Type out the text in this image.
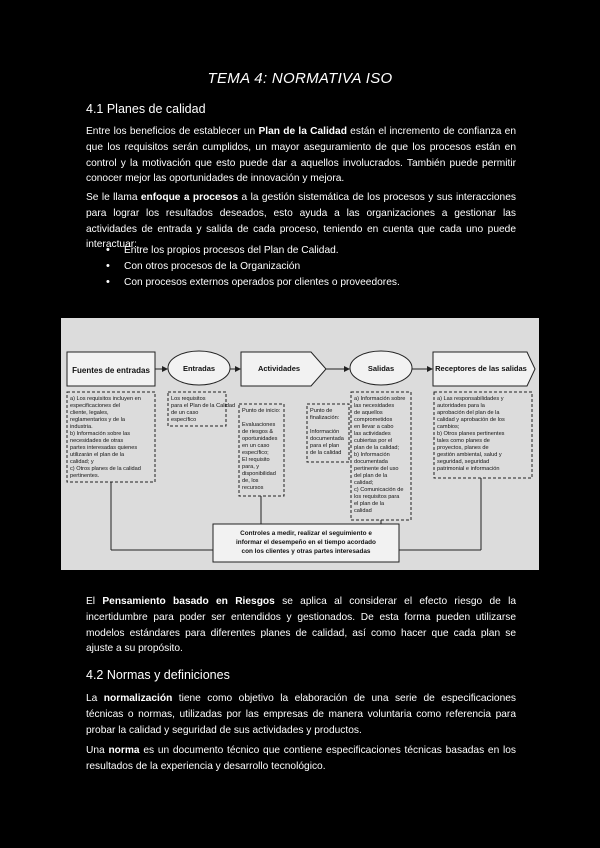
TEMA 4: NORMATIVA ISO
4.1 Planes de calidad
Entre los beneficios de establecer un Plan de la Calidad están el incremento de confianza en que los requisitos serán cumplidos, un mayor aseguramiento de que los procesos están en control y la motivación que esto puede dar a aquellos involucrados. También puede permitir conocer mejor las oportunidades de innovación y mejora.
Se le llama enfoque a procesos a la gestión sistemática de los procesos y sus interacciones para lograr los resultados deseados, esto ayuda a las organizaciones a gestionar las actividades de entrada y salida de cada proceso, teniendo en cuenta que cada uno puede interactuar:
• Entre los propios procesos del Plan de Calidad.
• Con otros procesos de la Organización
• Con procesos externos operados por clientes o proveedores.
Fuentes de entradas	Entradas	Actividades	Salidas	Receptores de las salidas
a) Los requisitos incluyen en
especificaciones del
cliente, legales,
reglamentarios y de la
industria.
b) Información sobre las
necesidades de otras
partes interesadas quienes
utilizarán el plan de la
calidad; y
c) Otros planes de la calidad
pertinentes.
Los requisitos
para el Plan de la Calidad
de un caso
específico
Punto de inicio:
Evaluaciones
de riesgos &
oportunidades
en un caso
específico;
El requisito
para, y
disponibilidad
de, los
recursos
Punto de
finalización:
Información
documentada
para el plan
de la calidad
a) Información sobre
las necesidades
de aquellos
comprometidos
en llevar a cabo
las actividades
cubiertas por el
plan de la calidad;
b) Información
documentada
pertinente del uso
del plan de la
calidad;
c) Comunicación de
los requisitos para
el plan de la
calidad
a) Las responsabilidades y
autoridades para la
aprobación del plan de la
calidad y aprobación de los
cambios;
b) Otros planes pertinentes
tales como planes de
proyectos, planes de
gestión ambiental, salud y
seguridad, seguridad
patrimonial e información
Controles a medir, realizar el seguimiento e
informar el desempeño en el tiempo acordado
con los clientes y otras partes interesadas
El Pensamiento basado en Riesgos se aplica al considerar el efecto riesgo de la incertidumbre para poder ser entendidos y gestionados. De esta forma pueden utilizarse modelos estándares para diferentes planes de calidad, así como hacer que cada plan se ajuste a su propósito.
4.2 Normas y definiciones
La normalización tiene como objetivo la elaboración de una serie de especificaciones técnicas o normas, utilizadas por las empresas de manera voluntaria como referencia para probar la calidad y seguridad de sus actividades y productos.
Una norma es un documento técnico que contiene especificaciones técnicas basadas en los resultados de la experiencia y desarrollo tecnológico.
